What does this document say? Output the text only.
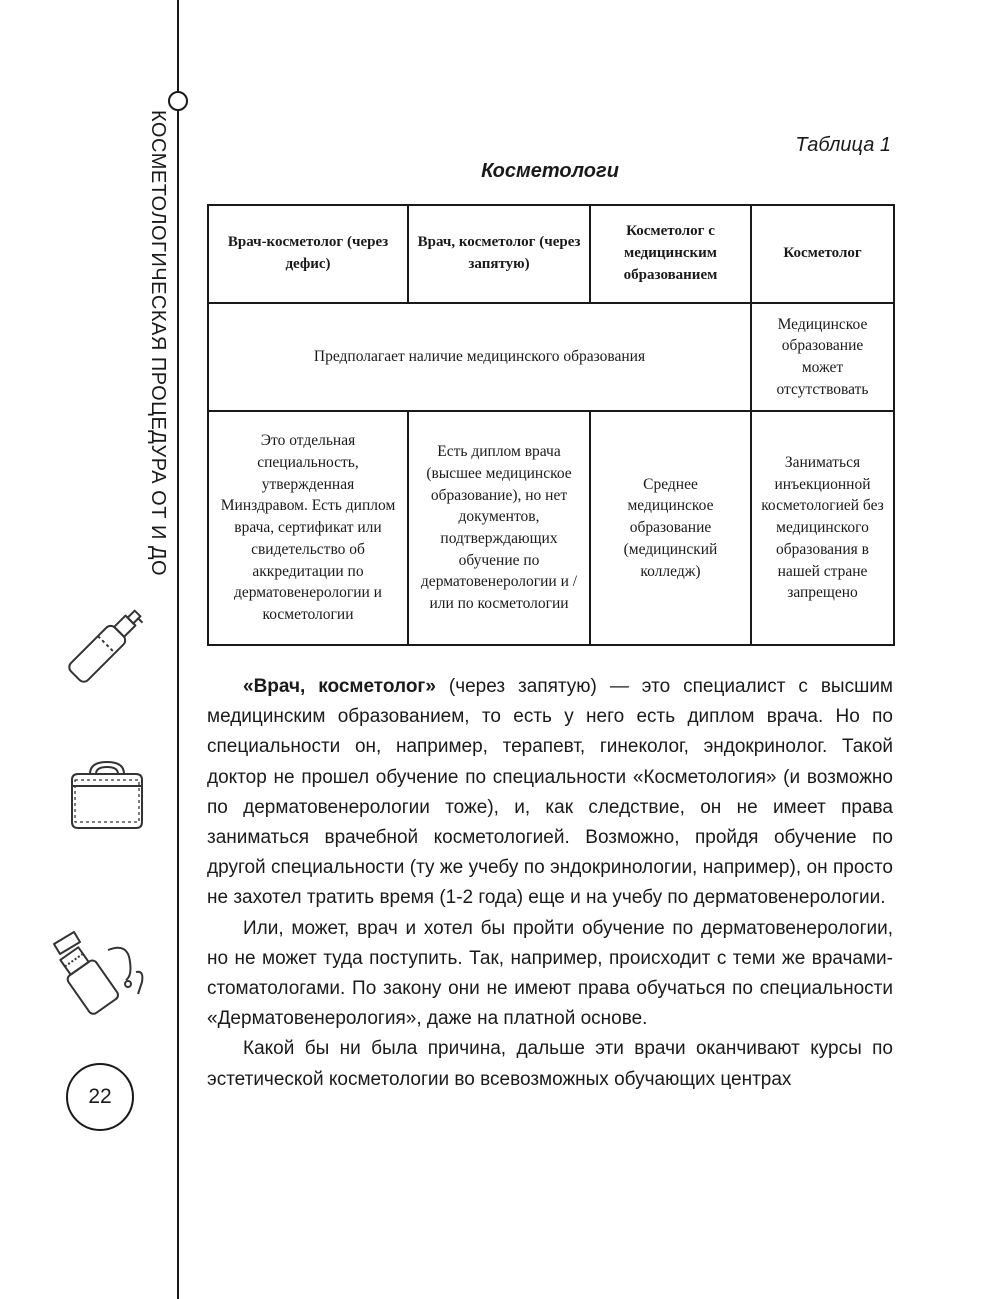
КОСМЕТОЛОГИЧЕСКАЯ ПРОЦЕДУРА ОТ И ДО
22
Таблица 1
Косметологи
Врач-косметолог (через дефис)	Врач, косметолог (через запятую)	Косметолог с медицинским образованием	Косметолог
Предполагает наличие медицинского образования			Медицинское образование может отсутствовать
Это отдельная специальность, утвержденная Минздравом. Есть диплом врача, сертификат или свидетельство об аккредитации по дерматовенерологии и косметологии	Есть диплом врача (высшее медицинское образование), но нет документов, подтверждающих обучение по дерматовенерологии и / или по косметологии	Среднее медицинское образование (медицинский колледж)	Заниматься инъекционной косметологией без медицинского образования в нашей стране запрещено

«Врач, косметолог» (через запятую) — это специалист с высшим медицинским образованием, то есть у него есть диплом врача. Но по специальности он, например, терапевт, гинеколог, эндокринолог. Такой доктор не прошел обучение по специальности «Косметология» (и возможно по дерматовенерологии тоже), и, как следствие, он не имеет права заниматься врачебной косметологией. Возможно, пройдя обучение по другой специальности (ту же учебу по эндокринологии, например), он просто не захотел тратить время (1-2 года) еще и на учебу по дерматовенерологии.

Или, может, врач и хотел бы пройти обучение по дерматовенерологии, но не может туда поступить. Так, например, происходит с теми же врачами-стоматологами. По закону они не имеют права обучаться по специальности «Дерматовенерология», даже на платной основе.

Какой бы ни была причина, дальше эти врачи оканчивают курсы по эстетической косметологии во всевозможных обучающих центрах
